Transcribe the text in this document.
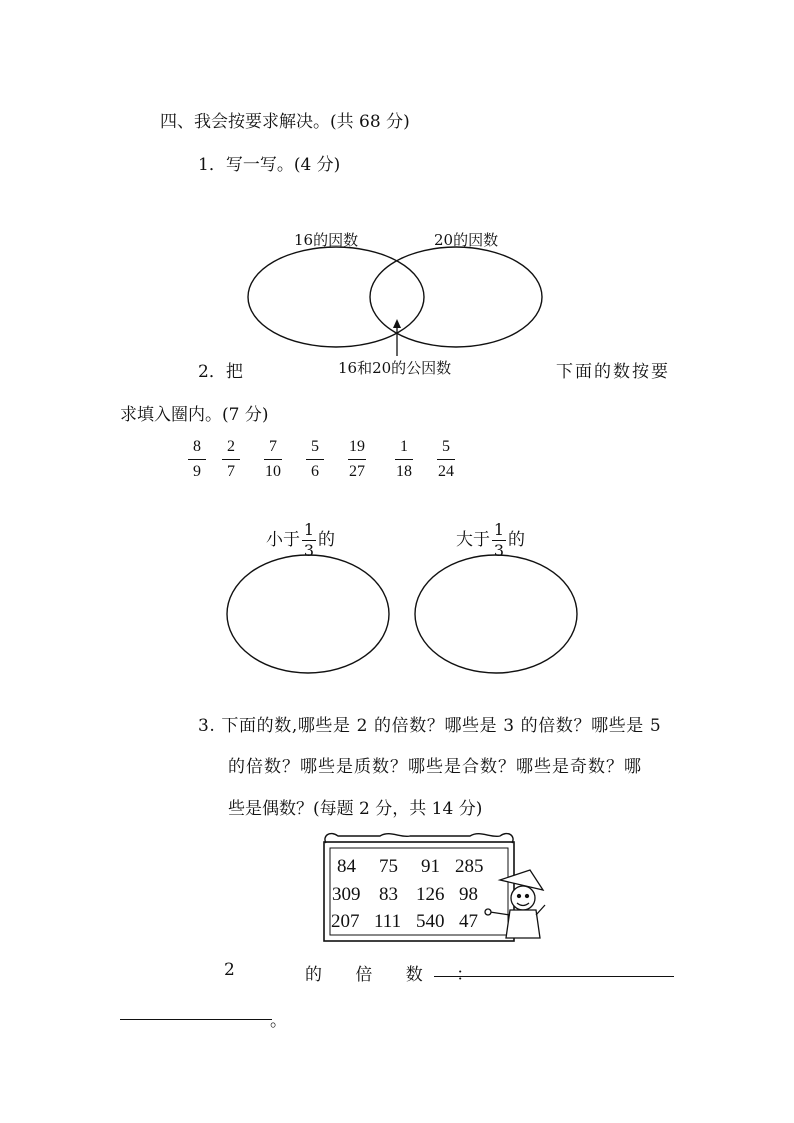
四、我会按要求解决。(共 68 分)
1．写一写。(4 分)
16的因数	20的因数
16和20的公因数
2．把	下面的数按要
求填入圈内。(7 分)
8
9
2
7
7
10
5
6
19
27
1
18
5
24
小于 $\frac{1}{3}$ 的	大于 $\frac{1}{3}$ 的
3. 下面的数,哪些是 2 的倍数？哪些是 3 的倍数？哪些是 5
的倍数？哪些是质数？哪些是合数？哪些是奇数？哪
些是偶数？(每题 2 分，共 14 分)
84 75 91 285
309 83 126 98
207 111 540 47
2	的 倍 数 ：
。
